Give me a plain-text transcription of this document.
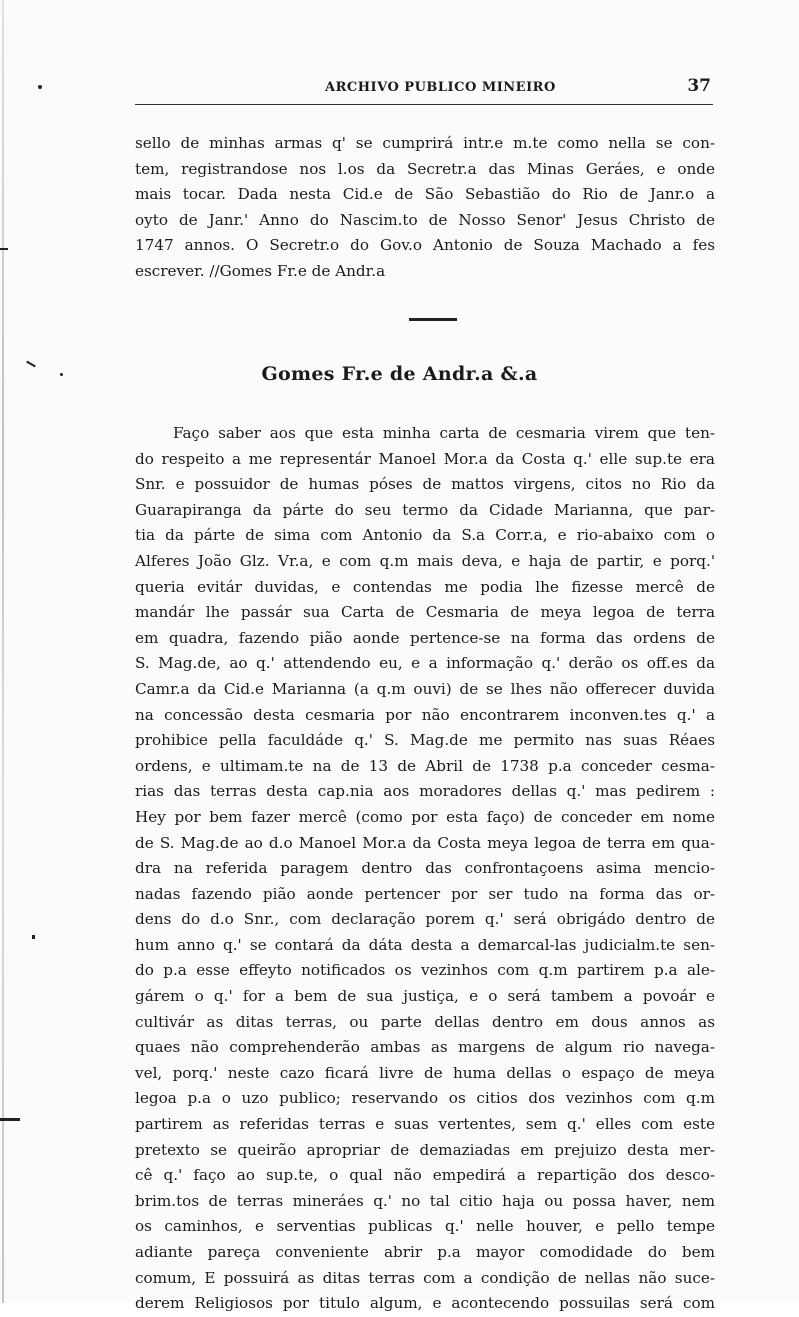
ARCHIVO PUBLICO MINEIRO	37
sello de minhas armas q' se cumprirá intr.e m.te como nella se con-
tem, registrandose nos l.os da Secretr.a das Minas Geráes, e onde
mais tocar. Dada nesta Cid.e de São Sebastião do Rio de Janr.o a
oyto de Janr.' Anno do Nascim.to de Nosso Senor' Jesus Christo de
1747 annos. O Secretr.o do Gov.o Antonio de Souza Machado a fes
escrever. //Gomes Fr.e de Andr.a
Gomes Fr.e de Andr.a &.a
Faço saber aos que esta minha carta de cesmaria virem que ten-
do respeito a me representár Manoel Mor.a da Costa q.' elle sup.te era
Snr. e possuidor de humas póses de mattos virgens, citos no Rio da
Guarapiranga da párte do seu termo da Cidade Marianna, que par-
tia da párte de sima com Antonio da S.a Corr.a, e rio-abaixo com o
Alferes João Glz. Vr.a, e com q.m mais deva, e haja de partir, e porq.'
queria evitár duvidas, e contendas me podia lhe fizesse mercê de
mandár lhe passár sua Carta de Cesmaria de meya legoa de terra
em quadra, fazendo pião aonde pertence-se na forma das ordens de
S. Mag.de, ao q.' attendendo eu, e a informação q.' derão os off.es da
Camr.a da Cid.e Marianna (a q.m ouvi) de se lhes não offerecer duvida
na concessão desta cesmaria por não encontrarem inconven.tes q.' a
prohibice pella faculdáde q.' S. Mag.de me permito nas suas Réaes
ordens, e ultimam.te na de 13 de Abril de 1738 p.a conceder cesma-
rias das terras desta cap.nia aos moradores dellas q.' mas pedirem :
Hey por bem fazer mercê (como por esta faço) de conceder em nome
de S. Mag.de ao d.o Manoel Mor.a da Costa meya legoa de terra em qua-
dra na referida paragem dentro das confrontaçoens asima mencio-
nadas fazendo pião aonde pertencer por ser tudo na forma das or-
dens do d.o Snr., com declaração porem q.' será obrigádo dentro de
hum anno q.' se contará da dáta desta a demarcal-las judicialm.te sen-
do p.a esse effeyto notificados os vezinhos com q.m partirem p.a ale-
gárem o q.' for a bem de sua justiça, e o será tambem a povoár e
cultivár as ditas terras, ou parte dellas dentro em dous annos as
quaes não comprehenderão ambas as margens de algum rio navega-
vel, porq.' neste cazo ficará livre de huma dellas o espaço de meya
legoa p.a o uzo publico; reservando os citios dos vezinhos com q.m
partirem as referidas terras e suas vertentes, sem q.' elles com este
pretexto se queirão apropriar de demaziadas em prejuizo desta mer-
cê q.' faço ao sup.te, o qual não empedirá a repartição dos desco-
brim.tos de terras mineráes q.' no tal citio haja ou possa haver, nem
os caminhos, e serventias publicas q.' nelle houver, e pello tempe
adiante pareça conveniente abrir p.a mayor comodidade do bem
comum, E possuirá as ditas terras com a condição de nellas não suce-
derem Religiosos por titulo algum, e acontecendo possuilas será com
